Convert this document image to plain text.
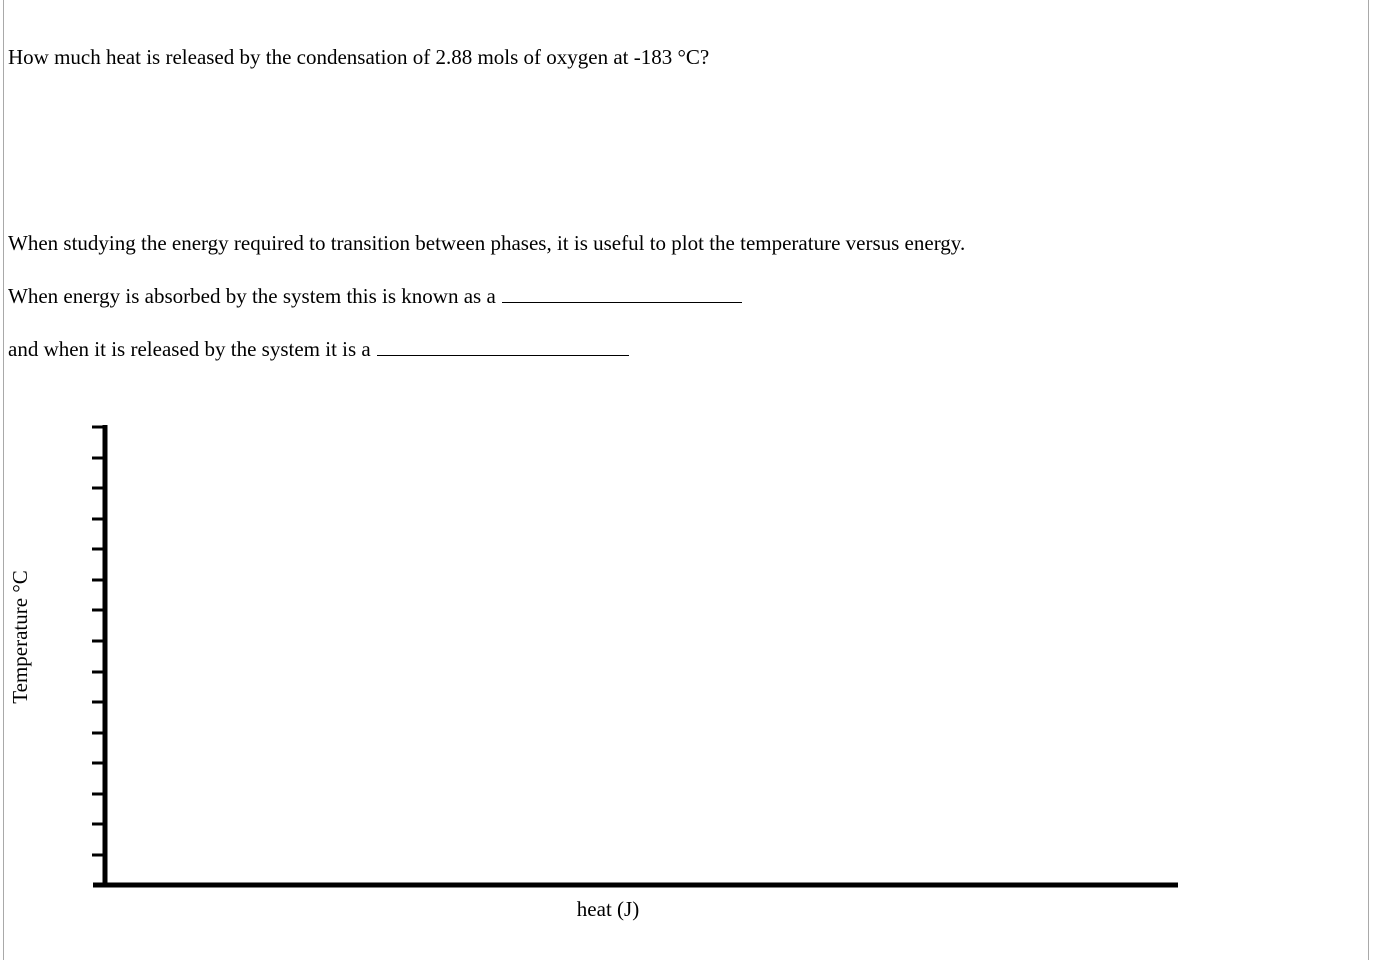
How much heat is released by the condensation of 2.88 mols of oxygen at -183 °C?
When studying the energy required to transition between phases, it is useful to plot the temperature versus energy.
When energy is absorbed by the system this is known as a
and when it is released by the system it is a
Temperature °C
heat (J)
